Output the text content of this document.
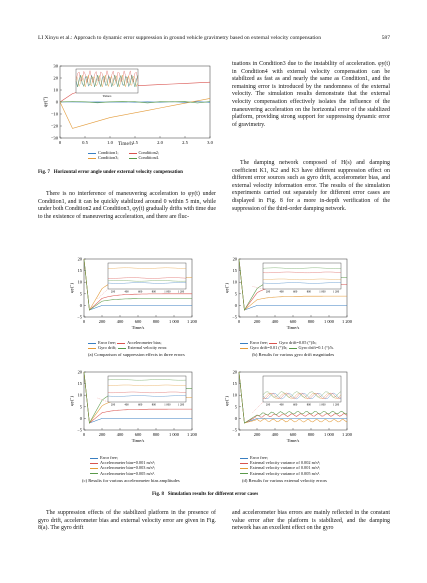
LI Xinyu et al.: Approach to dynamic error suppression in ground vehicle gravimetry based on external velocity compensation	587
30
20
10
0
−10
−20
−30
0	0.5	1.0	1.5	2.0	2.5	3.0
φy(″)
Time/s
Time/h
Condition1;	Condition2;
Condition3;	Condition4.
Fig. 7 Horizontal error angle under external velocity compensation

There is no interference of maneuvering acceleration to φy(t) under Condition1, and it can be quickly stabilized around 0 within 5 min, while under both Condition2 and Condition3, φy(t) gradually drifts with time due to the existence of maneuvering acceleration, and there are fluc-

tuations in Condition3 due to the instability of acceleration. φy(t) in Condition4 with external velocity compensation can be stabilized as fast as and nearly the same as Condition1, and the remaining error is introduced by the randomness of the external velocity. The simulation results demonstrate that the external velocity compensation effectively isolates the influence of the maneuvering acceleration on the horizontal error of the stabilized platform, providing strong support for suppressing dynamic error of gravimetry.

The damping network composed of H(s) and damping coefficient K1, K2 and K3 have different suppression effect on different error sources such as gyro drift, accelerometer bias, and external velocity information error. The results of the simulation experiments carried out separately for different error cases are displayed in Fig. 8 for a more in-depth verification of the suppression of the third-order damping network.

20
15
10
5
0
−5
0	200	400	600	800 1 000 1 200
Time/s
φy(″)	200	400	600	800	1 000	1 200
20
15
10
5
0
−5
0	200	400	600	800 1 000 1 200
Time/s
φy(″)	200	400	600	800	1 000	1 200
20
15
10
5
0
−5
0	200	400	600	800 1 000 1 200
Time/s
φy(″)	200	400	600	800	1 000	1 200
20
15
10
5
0
−5
0	200	400	600	800 1 000 1 200
Time/s
φy(″)	200	400	600	800	1 000	1 200
Error free;	Accelerometer bias;
Gyro drift;	External velocity error.
(a) Comparison of suppression effects in three errors
Error free;	Gyro drift=0.05 (°)/h;
Gyro drift=0.01 (°)/h;	Gyro drift=0.1 (°)/h.
(b) Results for various gyro drift magnitudes
Error free;
Accelerometer bias=0.001 m/s²;
Accelerometer bias=0.003 m/s²;
Accelerometer bias=0.005 m/s².
(c) Results for various accelerometer bias amplitudes
Error free;
External velocity variance of 0.002 m/s²;
External velocity variance of 0.001 m/s²;
External velocity variance of 0.005 m/s².
(d) Results for various external velocity errors
Fig. 8 Simulation results for different error cases

The suppression effects of the stabilized platform in the presence of gyro drift, accelerometer bias and external velocity error are given in Fig. 8(a). The gyro drift

and accelerometer bias errors are mainly reflected in the constant value error after the platform is stabilized, and the damping network has an excellent effect on the gyro
